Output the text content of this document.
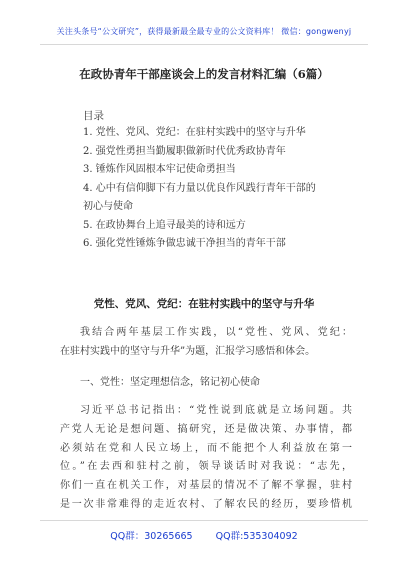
关注头条号“公文研究”，获得最新最全最专业的公文资料库！ 微信：gongwenyj
在政协青年干部座谈会上的发言材料汇编（6篇）
目录
1. 党性、党风、党纪：在驻村实践中的坚守与升华
2. 强党性勇担当勤履职做新时代优秀政协青年
3. 锤炼作风固根本牢记使命勇担当
4. 心中有信仰脚下有力量以优良作风践行青年干部的
初心与使命
5. 在政协舞台上追寻最美的诗和远方
6. 强化党性锤炼争做忠诚干净担当的青年干部
党性、党风、党纪：在驻村实践中的坚守与升华
我结合两年基层工作实践，以“党性、党风、党纪：
在驻村实践中的坚守与升华”为题，汇报学习感悟和体会。
一、党性：坚定理想信念，铭记初心使命
习近平总书记指出：“党性说到底就是立场问题。共
产党人无论是想问题、搞研究，还是做决策、办事情，都
必须站在党和人民立场上，而不能把个人利益放在第一
位。”在去西和驻村之前，领导谈话时对我说：“志先，
你们一直在机关工作，对基层的情况不了解不掌握，驻村
是一次非常难得的走近农村、了解农民的经历，要珍惜机
QQ群：30265665 QQ群:535304092
